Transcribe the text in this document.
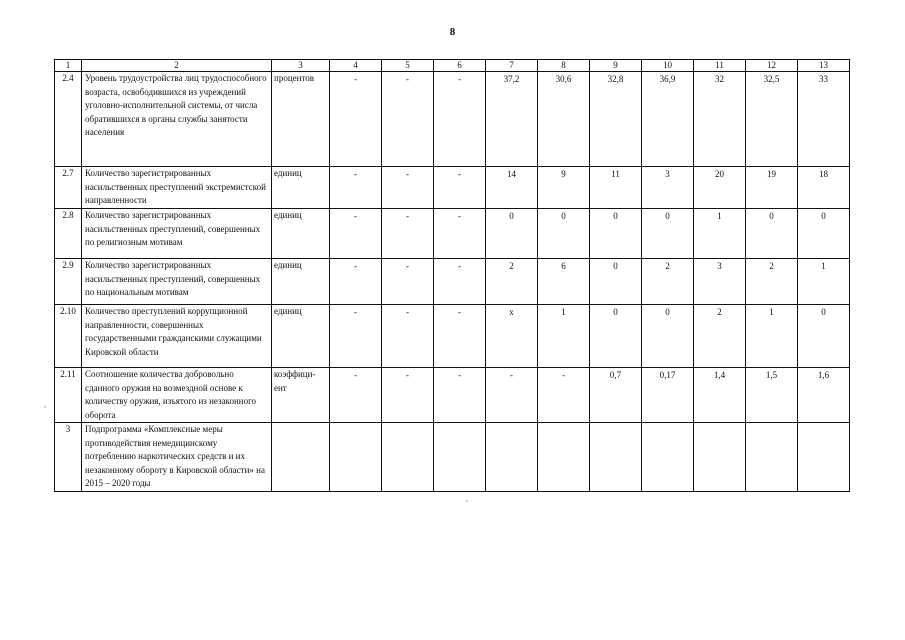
8
1	2	3	4	5	6	7	8	9	10	11	12	13
2.4	Уровень трудоустройства лиц трудоспособного возраста, освободившихся из учреждений уголовно-исполнительной системы, от числа обратившихся в органы службы занятости населения	процентов	-	-	-	37,2	30,6	32,8	36,9	32	32,5	33
2.7	Количество зарегистрированных насильственных преступлений экстремистской направленности	единиц	-	-	-	14	9	11	3	20	19	18
2.8	Количество зарегистрированных насильственных преступлений, совершенных по религиозным мотивам	единиц	-	-	-	0	0	0	0	1	0	0
2.9	Количество зарегистрированных насильственных преступлений, совершенных по национальным мотивам	единиц	-	-	-	2	6	0	2	3	2	1
2.10	Количество преступлений коррупционной направленности, совершенных государственными гражданскими служащими Кировской области	единиц	-	-	-	x	1	0	0	2	1	0
2.11	Соотношение количества добровольно сданного оружия на возмездной основе к количеству оружия, изъятого из незаконного оборота	коэффици-ент	-	-	-	-	-	0,7	0,17	1,4	1,5	1,6
3	Подпрограмма «Комплексные меры противодействия немедицинскому потреблению наркотических средств и их незаконному обороту в Кировской области» на 2015 – 2020 годы											
